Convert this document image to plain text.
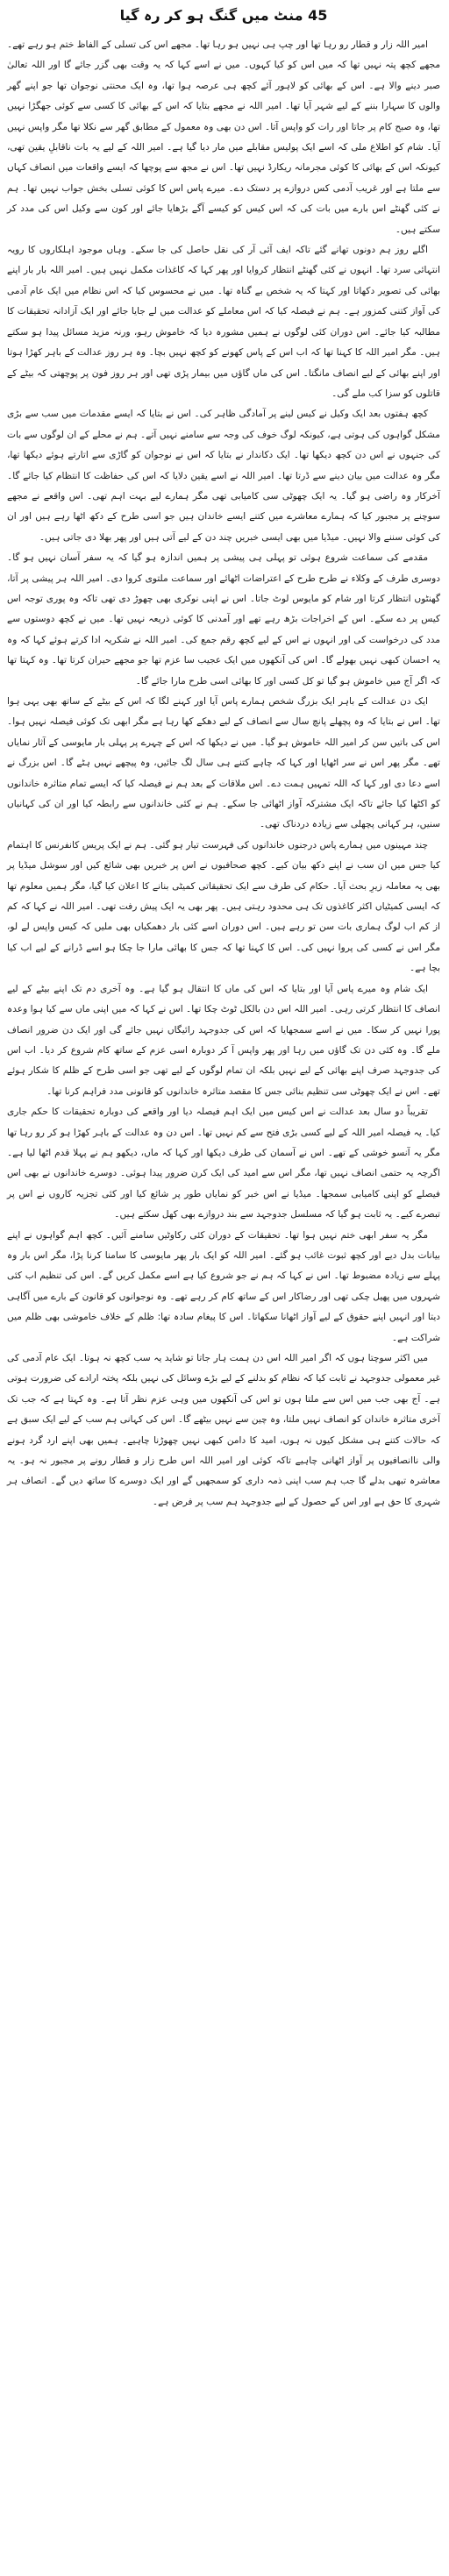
45 منٹ میں گنگ ہو کر رہ گیا

امیر اللہ زار و قطار رو رہا تھا اور چپ ہی نہیں ہو رہا تھا۔ مجھے اس کی تسلی کے الفاظ ختم ہو رہے تھے۔ مجھے کچھ پتہ نہیں تھا کہ میں اس کو کیا کہوں۔ میں نے اسے کہا کہ یہ وقت بھی گزر جائے گا اور اللہ تعالیٰ صبر دینے والا ہے۔ اس کے بھائی کو لاہور آئے کچھ ہی عرصہ ہوا تھا، وہ ایک محنتی نوجوان تھا جو اپنے گھر والوں کا سہارا بننے کے لیے شہر آیا تھا۔ امیر اللہ نے مجھے بتایا کہ اس کے بھائی کا کسی سے کوئی جھگڑا نہیں تھا، وہ صبح کام پر جاتا اور رات کو واپس آتا۔ اس دن بھی وہ معمول کے مطابق گھر سے نکلا تھا مگر واپس نہیں آیا۔ شام کو اطلاع ملی کہ اسے ایک پولیس مقابلے میں مار دیا گیا ہے۔ امیر اللہ کے لیے یہ بات ناقابلِ یقین تھی، کیونکہ اس کے بھائی کا کوئی مجرمانہ ریکارڈ نہیں تھا۔ اس نے مجھ سے پوچھا کہ ایسے واقعات میں انصاف کہاں سے ملتا ہے اور غریب آدمی کس دروازے پر دستک دے۔ میرے پاس اس کا کوئی تسلی بخش جواب نہیں تھا۔ ہم نے کئی گھنٹے اس بارے میں بات کی کہ اس کیس کو کیسے آگے بڑھایا جائے اور کون سے وکیل اس کی مدد کر سکتے ہیں۔

اگلے روز ہم دونوں تھانے گئے تاکہ ایف آئی آر کی نقل حاصل کی جا سکے۔ وہاں موجود اہلکاروں کا رویہ انتہائی سرد تھا۔ انہوں نے کئی گھنٹے انتظار کروایا اور پھر کہا کہ کاغذات مکمل نہیں ہیں۔ امیر اللہ بار بار اپنے بھائی کی تصویر دکھاتا اور کہتا کہ یہ شخص بے گناہ تھا۔ میں نے محسوس کیا کہ اس نظام میں ایک عام آدمی کی آواز کتنی کمزور ہے۔ ہم نے فیصلہ کیا کہ اس معاملے کو عدالت میں لے جایا جائے اور ایک آزادانہ تحقیقات کا مطالبہ کیا جائے۔ اس دوران کئی لوگوں نے ہمیں مشورہ دیا کہ خاموش رہو، ورنہ مزید مسائل پیدا ہو سکتے ہیں۔ مگر امیر اللہ کا کہنا تھا کہ اب اس کے پاس کھونے کو کچھ نہیں بچا۔ وہ ہر روز عدالت کے باہر کھڑا ہوتا اور اپنے بھائی کے لیے انصاف مانگتا۔ اس کی ماں گاؤں میں بیمار پڑی تھی اور ہر روز فون پر پوچھتی کہ بیٹے کے قاتلوں کو سزا کب ملے گی۔

کچھ ہفتوں بعد ایک وکیل نے کیس لینے پر آمادگی ظاہر کی۔ اس نے بتایا کہ ایسے مقدمات میں سب سے بڑی مشکل گواہوں کی ہوتی ہے، کیونکہ لوگ خوف کی وجہ سے سامنے نہیں آتے۔ ہم نے محلے کے ان لوگوں سے بات کی جنہوں نے اس دن کچھ دیکھا تھا۔ ایک دکاندار نے بتایا کہ اس نے نوجوان کو گاڑی سے اتارتے ہوئے دیکھا تھا، مگر وہ عدالت میں بیان دینے سے ڈرتا تھا۔ امیر اللہ نے اسے یقین دلایا کہ اس کی حفاظت کا انتظام کیا جائے گا۔ آخرکار وہ راضی ہو گیا۔ یہ ایک چھوٹی سی کامیابی تھی مگر ہمارے لیے بہت اہم تھی۔ اس واقعے نے مجھے سوچنے پر مجبور کیا کہ ہمارے معاشرے میں کتنے ایسے خاندان ہیں جو اسی طرح کے دکھ اٹھا رہے ہیں اور ان کی کوئی سننے والا نہیں۔ میڈیا میں بھی ایسی خبریں چند دن کے لیے آتی ہیں اور پھر بھلا دی جاتی ہیں۔

مقدمے کی سماعت شروع ہوئی تو پہلی ہی پیشی پر ہمیں اندازہ ہو گیا کہ یہ سفر آسان نہیں ہو گا۔ دوسری طرف کے وکلاء نے طرح طرح کے اعتراضات اٹھائے اور سماعت ملتوی کروا دی۔ امیر اللہ ہر پیشی پر آتا، گھنٹوں انتظار کرتا اور شام کو مایوس لوٹ جاتا۔ اس نے اپنی نوکری بھی چھوڑ دی تھی تاکہ وہ پوری توجہ اس کیس پر دے سکے۔ اس کے اخراجات بڑھ رہے تھے اور آمدنی کا کوئی ذریعہ نہیں تھا۔ میں نے کچھ دوستوں سے مدد کی درخواست کی اور انہوں نے اس کے لیے کچھ رقم جمع کی۔ امیر اللہ نے شکریہ ادا کرتے ہوئے کہا کہ وہ یہ احسان کبھی نہیں بھولے گا۔ اس کی آنکھوں میں ایک عجیب سا عزم تھا جو مجھے حیران کرتا تھا۔ وہ کہتا تھا کہ اگر آج میں خاموش ہو گیا تو کل کسی اور کا بھائی اسی طرح مارا جائے گا۔

ایک دن عدالت کے باہر ایک بزرگ شخص ہمارے پاس آیا اور کہنے لگا کہ اس کے بیٹے کے ساتھ بھی یہی ہوا تھا۔ اس نے بتایا کہ وہ پچھلے پانچ سال سے انصاف کے لیے دھکے کھا رہا ہے مگر ابھی تک کوئی فیصلہ نہیں ہوا۔ اس کی باتیں سن کر امیر اللہ خاموش ہو گیا۔ میں نے دیکھا کہ اس کے چہرے پر پہلی بار مایوسی کے آثار نمایاں تھے۔ مگر پھر اس نے سر اٹھایا اور کہا کہ چاہے کتنے ہی سال لگ جائیں، وہ پیچھے نہیں ہٹے گا۔ اس بزرگ نے اسے دعا دی اور کہا کہ اللہ تمہیں ہمت دے۔ اس ملاقات کے بعد ہم نے فیصلہ کیا کہ ایسے تمام متاثرہ خاندانوں کو اکٹھا کیا جائے تاکہ ایک مشترکہ آواز اٹھائی جا سکے۔ ہم نے کئی خاندانوں سے رابطہ کیا اور ان کی کہانیاں سنیں، ہر کہانی پچھلی سے زیادہ دردناک تھی۔

چند مہینوں میں ہمارے پاس درجنوں خاندانوں کی فہرست تیار ہو گئی۔ ہم نے ایک پریس کانفرنس کا اہتمام کیا جس میں ان سب نے اپنے دکھ بیان کیے۔ کچھ صحافیوں نے اس پر خبریں بھی شائع کیں اور سوشل میڈیا پر بھی یہ معاملہ زیرِ بحث آیا۔ حکام کی طرف سے ایک تحقیقاتی کمیٹی بنانے کا اعلان کیا گیا، مگر ہمیں معلوم تھا کہ ایسی کمیٹیاں اکثر کاغذوں تک ہی محدود رہتی ہیں۔ پھر بھی یہ ایک پیش رفت تھی۔ امیر اللہ نے کہا کہ کم از کم اب لوگ ہماری بات سن تو رہے ہیں۔ اس دوران اسے کئی بار دھمکیاں بھی ملیں کہ کیس واپس لے لو، مگر اس نے کسی کی پروا نہیں کی۔ اس کا کہنا تھا کہ جس کا بھائی مارا جا چکا ہو اسے ڈرانے کے لیے اب کیا بچا ہے۔

ایک شام وہ میرے پاس آیا اور بتایا کہ اس کی ماں کا انتقال ہو گیا ہے۔ وہ آخری دم تک اپنے بیٹے کے لیے انصاف کا انتظار کرتی رہی۔ امیر اللہ اس دن بالکل ٹوٹ چکا تھا۔ اس نے کہا کہ میں اپنی ماں سے کیا ہوا وعدہ پورا نہیں کر سکا۔ میں نے اسے سمجھایا کہ اس کی جدوجہد رائیگاں نہیں جائے گی اور ایک دن ضرور انصاف ملے گا۔ وہ کئی دن تک گاؤں میں رہا اور پھر واپس آ کر دوبارہ اسی عزم کے ساتھ کام شروع کر دیا۔ اب اس کی جدوجہد صرف اپنے بھائی کے لیے نہیں بلکہ ان تمام لوگوں کے لیے تھی جو اسی طرح کے ظلم کا شکار ہوئے تھے۔ اس نے ایک چھوٹی سی تنظیم بنائی جس کا مقصد متاثرہ خاندانوں کو قانونی مدد فراہم کرنا تھا۔

تقریباً دو سال بعد عدالت نے اس کیس میں ایک اہم فیصلہ دیا اور واقعے کی دوبارہ تحقیقات کا حکم جاری کیا۔ یہ فیصلہ امیر اللہ کے لیے کسی بڑی فتح سے کم نہیں تھا۔ اس دن وہ عدالت کے باہر کھڑا ہو کر رو رہا تھا مگر یہ آنسو خوشی کے تھے۔ اس نے آسمان کی طرف دیکھا اور کہا کہ ماں، دیکھو ہم نے پہلا قدم اٹھا لیا ہے۔ اگرچہ یہ حتمی انصاف نہیں تھا، مگر اس سے امید کی ایک کرن ضرور پیدا ہوئی۔ دوسرے خاندانوں نے بھی اس فیصلے کو اپنی کامیابی سمجھا۔ میڈیا نے اس خبر کو نمایاں طور پر شائع کیا اور کئی تجزیہ کاروں نے اس پر تبصرے کیے۔ یہ ثابت ہو گیا کہ مسلسل جدوجہد سے بند دروازے بھی کھل سکتے ہیں۔

مگر یہ سفر ابھی ختم نہیں ہوا تھا۔ تحقیقات کے دوران کئی رکاوٹیں سامنے آئیں۔ کچھ اہم گواہوں نے اپنے بیانات بدل دیے اور کچھ ثبوت غائب ہو گئے۔ امیر اللہ کو ایک بار پھر مایوسی کا سامنا کرنا پڑا، مگر اس بار وہ پہلے سے زیادہ مضبوط تھا۔ اس نے کہا کہ ہم نے جو شروع کیا ہے اسے مکمل کریں گے۔ اس کی تنظیم اب کئی شہروں میں پھیل چکی تھی اور رضاکار اس کے ساتھ کام کر رہے تھے۔ وہ نوجوانوں کو قانون کے بارے میں آگاہی دیتا اور انہیں اپنے حقوق کے لیے آواز اٹھانا سکھاتا۔ اس کا پیغام سادہ تھا: ظلم کے خلاف خاموشی بھی ظلم میں شراکت ہے۔

میں اکثر سوچتا ہوں کہ اگر امیر اللہ اس دن ہمت ہار جاتا تو شاید یہ سب کچھ نہ ہوتا۔ ایک عام آدمی کی غیر معمولی جدوجہد نے ثابت کیا کہ نظام کو بدلنے کے لیے بڑے وسائل کی نہیں بلکہ پختہ ارادے کی ضرورت ہوتی ہے۔ آج بھی جب میں اس سے ملتا ہوں تو اس کی آنکھوں میں وہی عزم نظر آتا ہے۔ وہ کہتا ہے کہ جب تک آخری متاثرہ خاندان کو انصاف نہیں ملتا، وہ چین سے نہیں بیٹھے گا۔ اس کی کہانی ہم سب کے لیے ایک سبق ہے کہ حالات کتنے ہی مشکل کیوں نہ ہوں، امید کا دامن کبھی نہیں چھوڑنا چاہیے۔ ہمیں بھی اپنے ارد گرد ہونے والی ناانصافیوں پر آواز اٹھانی چاہیے تاکہ کوئی اور امیر اللہ اس طرح زار و قطار رونے پر مجبور نہ ہو۔ یہ معاشرہ تبھی بدلے گا جب ہم سب اپنی ذمہ داری کو سمجھیں گے اور ایک دوسرے کا ساتھ دیں گے۔ انصاف ہر شہری کا حق ہے اور اس کے حصول کے لیے جدوجہد ہم سب پر فرض ہے۔
